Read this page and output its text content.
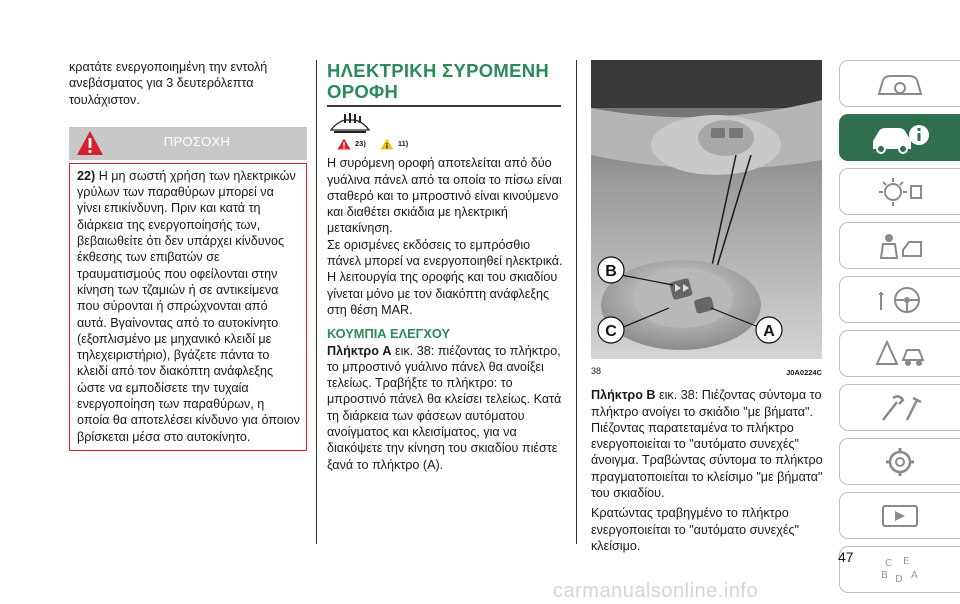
κρατάτε ενεργοποιημένη την εντολή ανεβάσματος για 3 δευτερόλεπτα τουλάχιστον.
ΠΡΟΣΟΧΗ
22) Η μη σωστή χρήση των ηλεκτρικών γρύλων των παραθύρων μπορεί να γίνει επικίνδυνη. Πριν και κατά τη διάρκεια της ενεργοποίησής των, βεβαιωθείτε ότι δεν υπάρχει κίνδυνος έκθεσης των επιβατών σε τραυματισμούς που οφείλονται στην κίνηση των τζαμιών ή σε αντικείμενα που σύρονται ή σπρώχνονται από αυτά. Βγαίνοντας από το αυτοκίνητο (εξοπλισμένο με μηχανικό κλειδί με τηλεχειριστήριο), βγάζετε πάντα το κλειδί από τον διακόπτη ανάφλεξης ώστε να εμποδίσετε την τυχαία ενεργοποίηση των παραθύρων, η οποία θα αποτελέσει κίνδυνο για όποιον βρίσκεται μέσα στο αυτοκίνητο.
ΗΛΕΚΤΡΙΚΗ ΣΥΡΟΜΕΝΗ ΟΡΟΦΗ
23)	i 11)
Η συρόμενη οροφή αποτελείται από δύο γυάλινα πάνελ από τα οποία το πίσω είναι σταθερό και το μπροστινό είναι κινούμενο και διαθέτει σκιάδια με ηλεκτρική μετακίνηση.
Σε ορισμένες εκδόσεις το εμπρόσθιο πάνελ μπορεί να ενεργοποιηθεί ηλεκτρικά.
Η λειτουργία της οροφής και του σκιαδίου γίνεται μόνο με τον διακόπτη ανάφλεξης στη θέση MAR.
ΚΟΥΜΠΙΑ ΕΛΕΓΧΟΥ
Πλήκτρο A εικ. 38: πιέζοντας το πλήκτρο, το μπροστινό γυάλινο πάνελ θα ανοίξει τελείως. Τραβήξτε το πλήκτρο: το μπροστινό πάνελ θα κλείσει τελείως. Κατά τη διάρκεια των φάσεων αυτόματου ανοίγματος και κλεισίματος, για να διακόψετε την κίνηση του σκιαδίου πιέστε ξανά το πλήκτρο (A).
B
C	A
38	J0A0224C
Πλήκτρο B εικ. 38: Πιέζοντας σύντομα το πλήκτρο ανοίγει το σκιάδιο "με βήματα". Πιέζοντας παρατεταμένα το πλήκτρο ενεργοποιείται το "αυτόματο συνεχές" άνοιγμα. Τραβώντας σύντομα το πλήκτρο πραγματοποιείται το κλείσιμο "με βήματα" του σκιαδίου.
Κρατώντας τραβηγμένο το πλήκτρο ενεργοποιείται το "αυτόματο συνεχές" κλείσιμο.
C E
B D A
47
carmanualsonline.info
